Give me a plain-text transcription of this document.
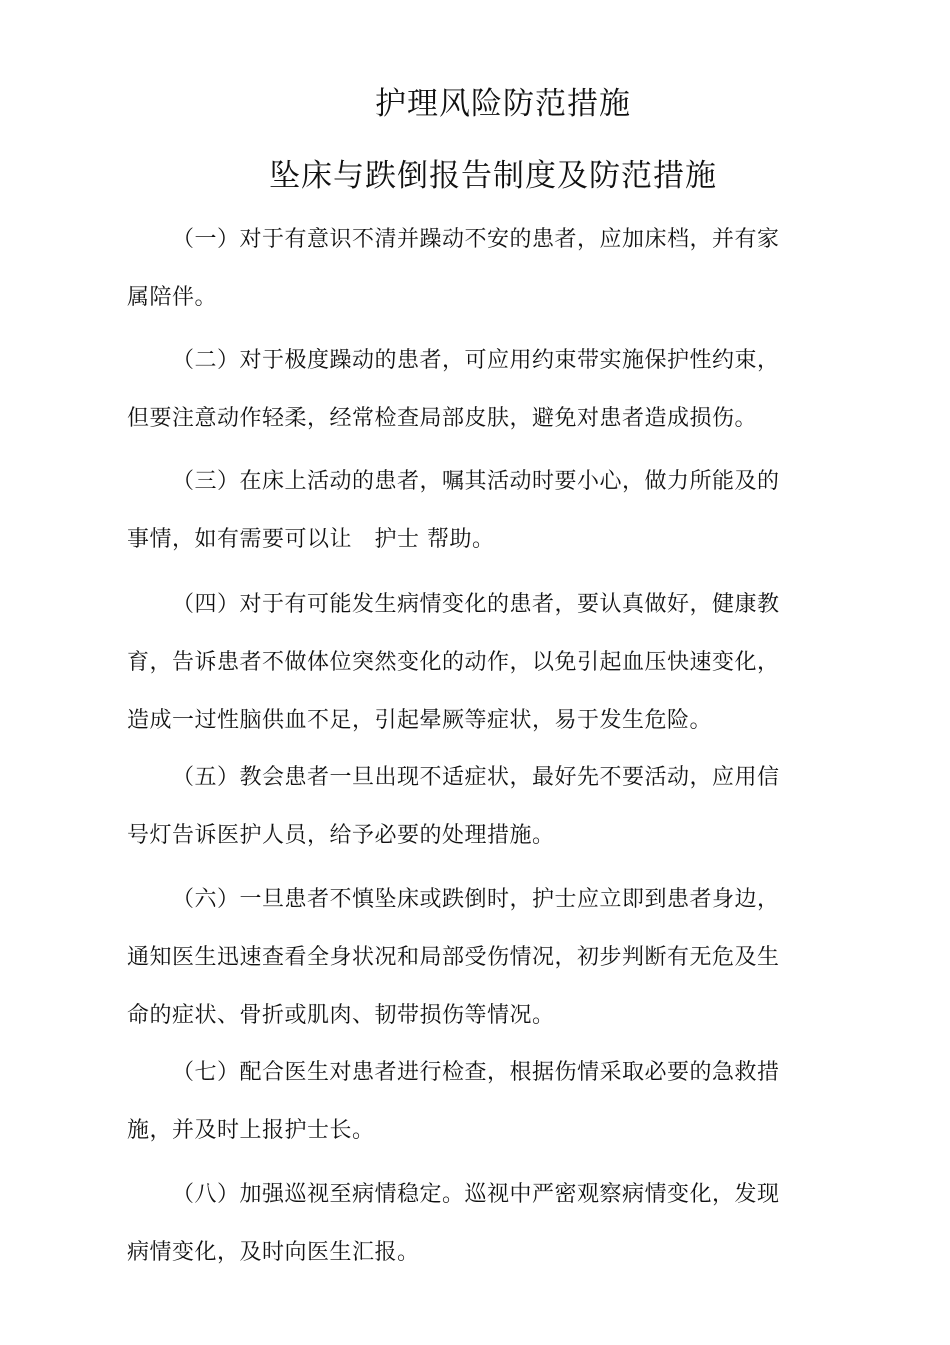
护理风险防范措施
坠床与跌倒报告制度及防范措施

（一）对于有意识不清并躁动不安的患者，应加床档，并有家
属陪伴。

（二）对于极度躁动的患者，可应用约束带实施保护性约束，
但要注意动作轻柔，经常检查局部皮肤，避免对患者造成损伤。

（三）在床上活动的患者，嘱其活动时要小心，做力所能及的
事情，如有需要可以让　护士 帮助。

（四）对于有可能发生病情变化的患者，要认真做好，健康教
育，告诉患者不做体位突然变化的动作，以免引起血压快速变化，
造成一过性脑供血不足，引起晕厥等症状，易于发生危险。

（五）教会患者一旦出现不适症状，最好先不要活动，应用信
号灯告诉医护人员，给予必要的处理措施。

（六）一旦患者不慎坠床或跌倒时，护士应立即到患者身边，
通知医生迅速查看全身状况和局部受伤情况，初步判断有无危及生
命的症状、骨折或肌肉、韧带损伤等情况。

（七）配合医生对患者进行检查，根据伤情采取必要的急救措
施，并及时上报护士长。

（八）加强巡视至病情稳定。巡视中严密观察病情变化，发现
病情变化，及时向医生汇报。
